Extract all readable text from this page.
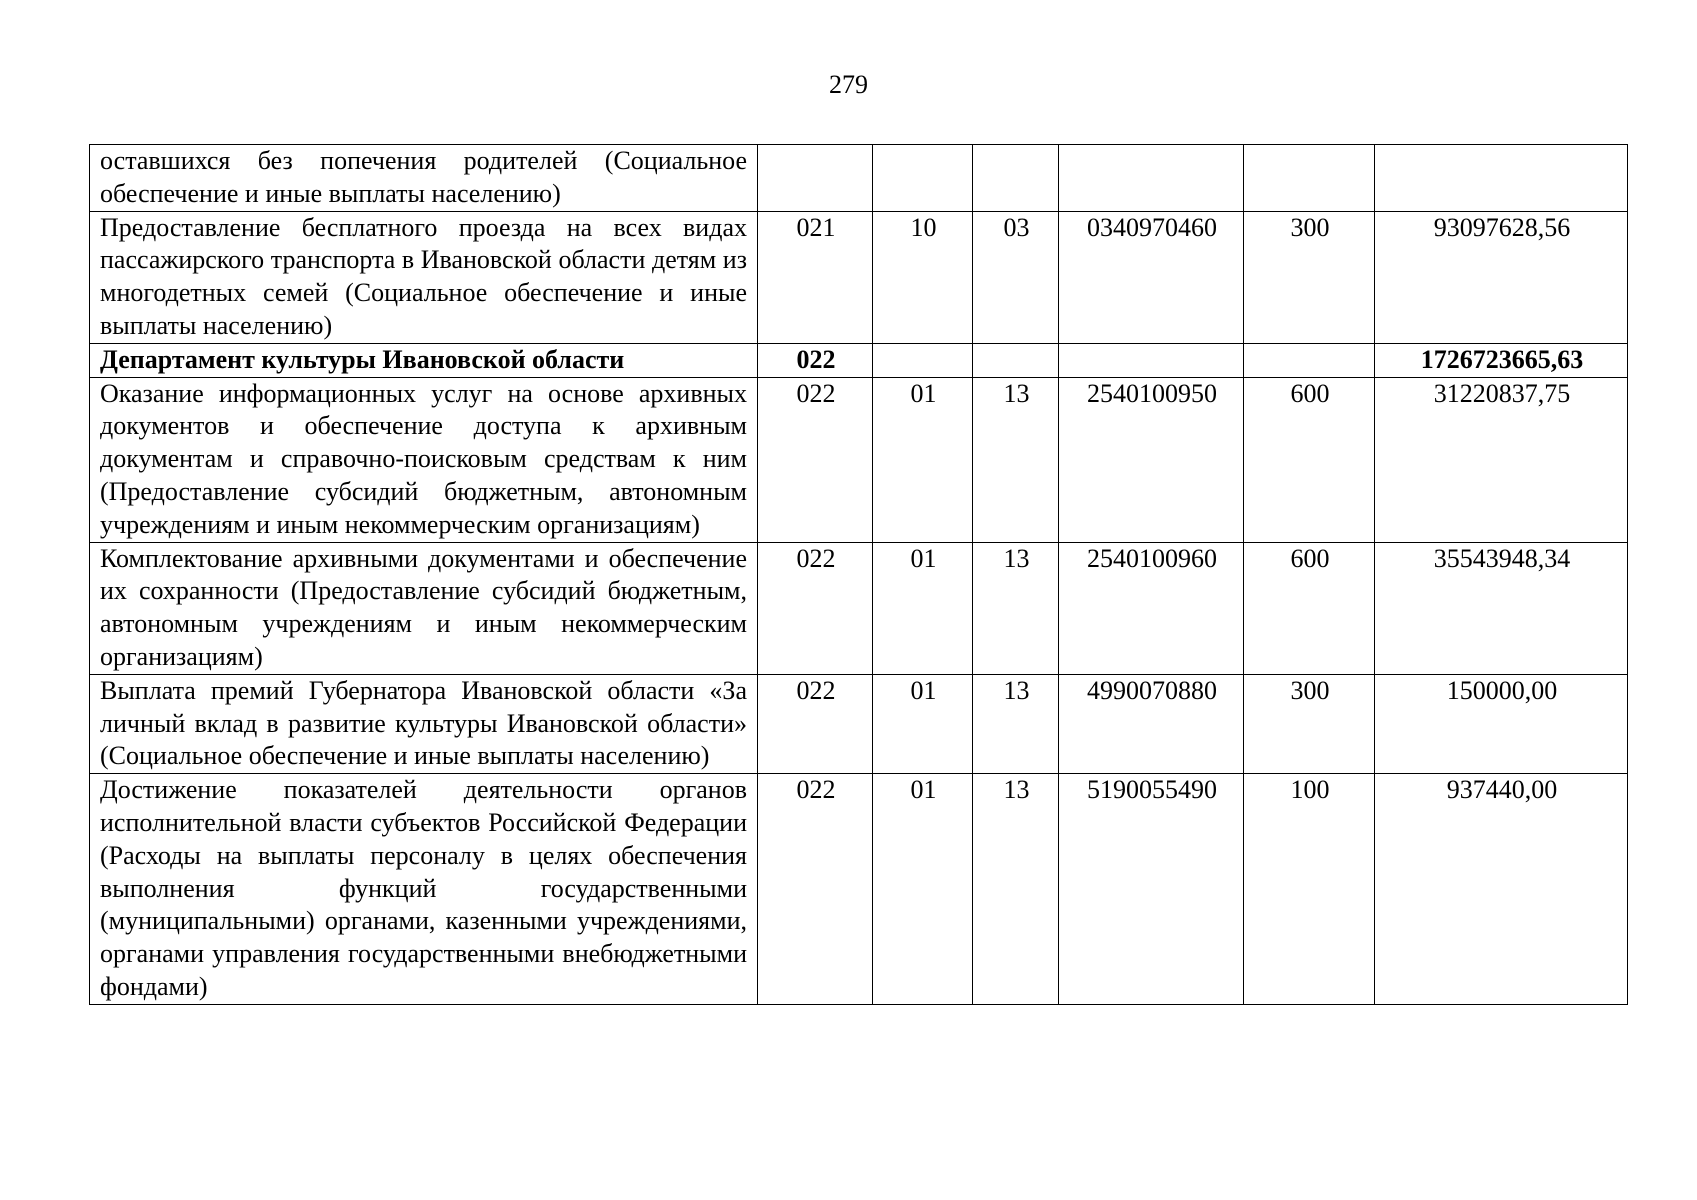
279
оставшихся без попечения родителей (Социальное обеспечение и иные выплаты населению)						
Предоставление бесплатного проезда на всех видах пассажирского транспорта в Ивановской области детям из многодетных семей (Социальное обеспечение и иные выплаты населению)	021	10	03	0340970460	300	93097628,56
Департамент культуры Ивановской области	022					1726723665,63
Оказание информационных услуг на основе архивных документов и обеспечение доступа к архивным документам и справочно-поисковым средствам к ним (Предоставление субсидий бюджетным, автономным учреждениям и иным некоммерческим организациям)	022	01	13	2540100950	600	31220837,75
Комплектование архивными документами и обеспечение их сохранности (Предоставление субсидий бюджетным, автономным учреждениям и иным некоммерческим организациям)	022	01	13	2540100960	600	35543948,34
Выплата премий Губернатора Ивановской области «За личный вклад в развитие культуры Ивановской области» (Социальное обеспечение и иные выплаты населению)	022	01	13	4990070880	300	150000,00
Достижение показателей деятельности органов исполнительной власти субъектов Российской Федерации (Расходы на выплаты персоналу в целях обеспечения выполнения функций государственными (муниципальными) органами, казенными учреждениями, органами управления государственными внебюджетными фондами)	022	01	13	5190055490	100	937440,00
